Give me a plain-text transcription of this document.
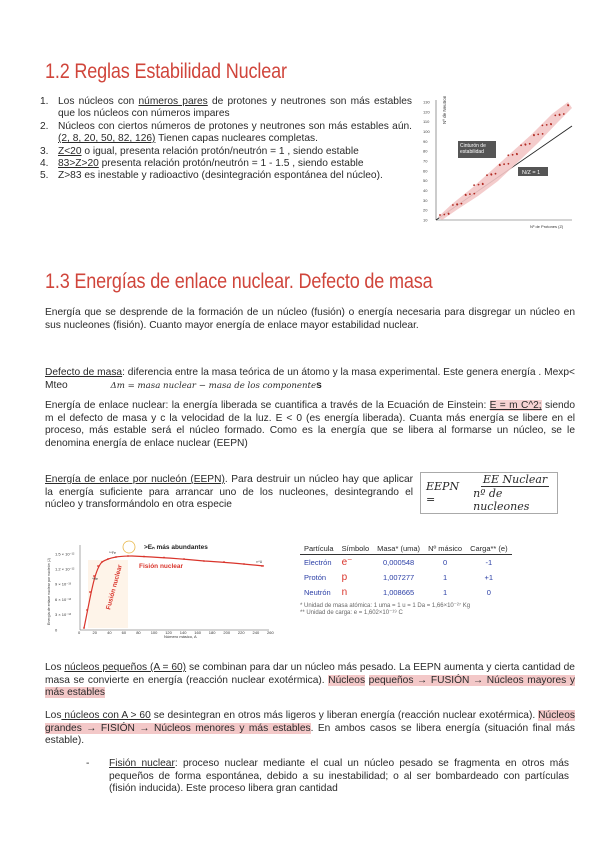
1.2 Reglas Estabilidad Nuclear
1. Los núcleos con números pares de protones y neutrones son más estables que los núcleos con números impares
2. Núcleos con ciertos números de protones y neutrones son más estables aún. (2, 8, 20, 50, 82, 126) Tienen capas nucleares completas.
3. Z<20 o igual, presenta relación protón/neutrón = 1 , siendo estable
4. 83>Z>20 presenta relación protón/neutrón = 1 - 1.5 , siendo estable
5. Z>83 es inestable y radioactivo (desintegración espontánea del núcleo).
130
120
110
100
90
80
70
60
50
40
30
20
10
Nº de Neutrones
Cinturón de estabilidad
N/Z = 1
Nº de Protones (Z)
1.3 Energías de enlace nuclear. Defecto de masa
Energía que se desprende de la formación de un núcleo (fusión) o energía necesaria para disgregar un núcleo en sus nucleones (fisión). Cuanto mayor energía de enlace mayor estabilidad nuclear.
Defecto de masa: diferencia entre la masa teórica de un átomo y la masa experimental. Este genera energía . Mexp< Mteo	Δm = masa nuclear − masa de los componentes
Energía de enlace nuclear: la energía liberada se cuantifica a través de la Ecuación de Einstein: E = m C^2; siendo m el defecto de masa y c la velocidad de la luz. E < 0 (es energía liberada). Cuanta más energía se libere en el proceso, más estable será el núcleo formado. Como es la energía que se libera al formarse un núcleo, se le denomina energía de enlace nuclear (EEPN)
Energía de enlace por nucleón (EEPN). Para destruir un núcleo hay que aplicar la energía suficiente para arrancar uno de los nucleones, desintegrando el núcleo y transformándolo en otra especie
EEPN =
EE Nuclear
nº de nucleones
Energía de enlace nuclear por nucleón (J)
1.5 × 10⁻¹²
1.2 × 10⁻¹²
9 × 10⁻¹³
6 × 10⁻¹³
3 × 10⁻¹³
0
0	20	40	60	80	100 120 140 160 180 200 220 240 260
>Eₙ más abundantes
Fisión nuclear
Fusión nuclear
⁵⁶Fe
²³⁸U
⁴He
Número másico, A
Partícula	Símbolo	Masa* (uma)	Nº másico	Carga** (e)
Electrón	e⁻	0,000548	0	-1
Protón	p	1,007277	1	+1
Neutrón	n	1,008665	1	0
* Unidad de masa atómica: 1 uma = 1 u = 1 Da = 1,66×10⁻²⁷ Kg
** Unidad de carga: e = 1,602×10⁻¹⁹ C
Los núcleos pequeños (A = 60) se combinan para dar un núcleo más pesado. La EEPN aumenta y cierta cantidad de masa se convierte en energía (reacción nuclear exotérmica). Núcleos pequeños → FUSIÓN → Núcleos mayores y más estables
Los núcleos con A > 60 se desintegran en otros más ligeros y liberan energía (reacción nuclear exotérmica). Núcleos grandes → FISIÓN → Núcleos menores y más estables. En ambos casos se libera energía (situación final más estable).
- Fisión nuclear: proceso nuclear mediante el cual un núcleo pesado se fragmenta en otros más pequeños de forma espontánea, debido a su inestabilidad; o al ser bombardeado con partículas (fisión inducida). Este proceso libera gran cantidad
